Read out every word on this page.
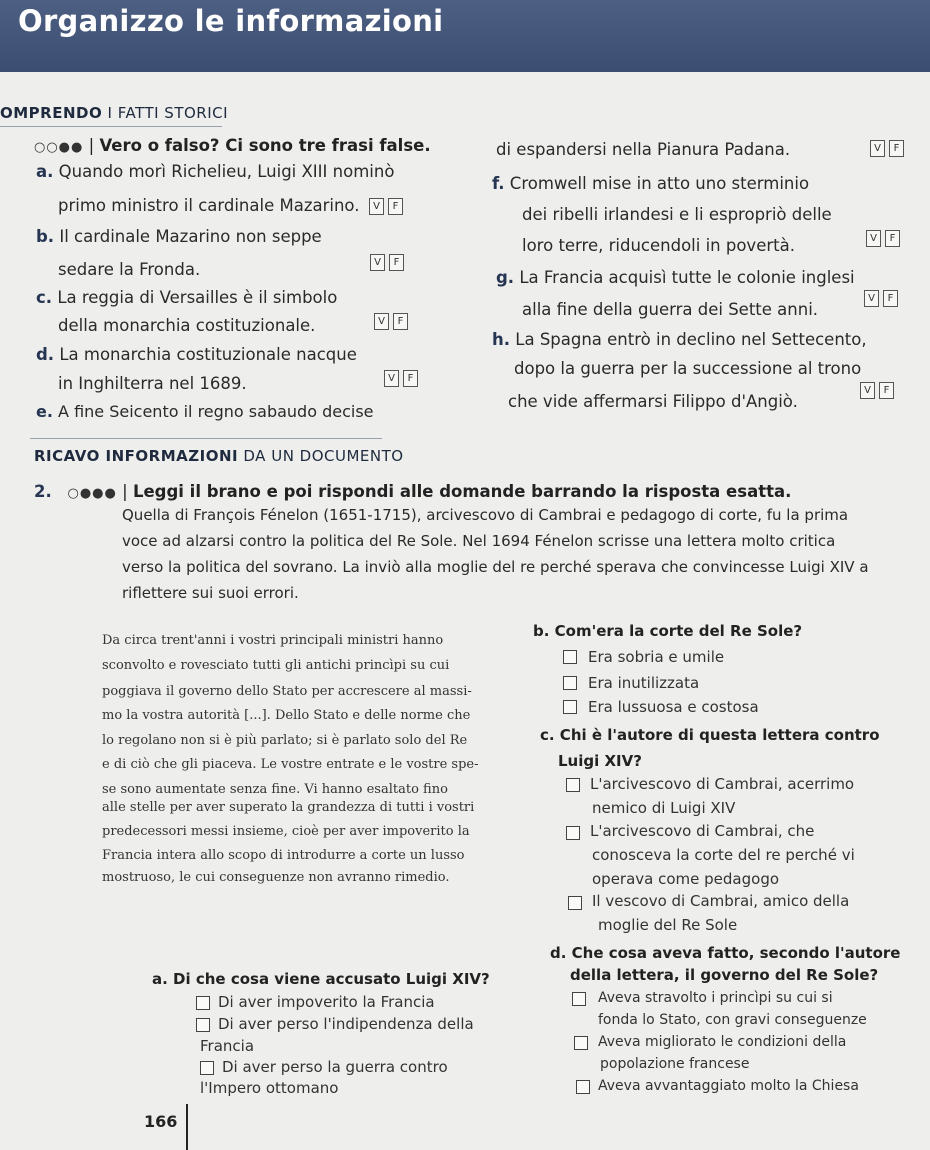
Organizzo le informazioni
OMPRENDO I FATTI STORICI
○○●● | Vero o falso? Ci sono tre frasi false.
a. Quando morì Richelieu, Luigi XIII nominò
primo ministro il cardinale Mazarino.	V	F
b. Il cardinale Mazarino non seppe
sedare la Fronda.	V	F
c. La reggia di Versailles è il simbolo
della monarchia costituzionale.	V	F
d. La monarchia costituzionale nacque
in Inghilterra nel 1689.	V	F
e. A fine Seicento il regno sabaudo decise
di espandersi nella Pianura Padana.	V	F
f. Cromwell mise in atto uno sterminio
dei ribelli irlandesi e li espropriò delle
loro terre, riducendoli in povertà.	V	F
g. La Francia acquisì tutte le colonie inglesi
alla fine della guerra dei Sette anni.
V	F
h. La Spagna entrò in declino nel Settecento,
dopo la guerra per la successione al trono
che vide affermarsi Filippo d'Angiò.
V	F
RICAVO INFORMAZIONI DA UN DOCUMENTO
2. ○●●● | Leggi il brano e poi rispondi alle domande barrando la risposta esatta.
Quella di François Fénelon (1651-1715), arcivescovo di Cambrai e pedagogo di corte, fu la prima
voce ad alzarsi contro la politica del Re Sole. Nel 1694 Fénelon scrisse una lettera molto critica
verso la politica del sovrano. La inviò alla moglie del re perché sperava che convincesse Luigi XIV a
riflettere sui suoi errori.
Da circa trent'anni i vostri principali ministri hanno
sconvolto e rovesciato tutti gli antichi princìpi su cui
poggiava il governo dello Stato per accrescere al massi-
mo la vostra autorità [...]. Dello Stato e delle norme che
lo regolano non si è più parlato; si è parlato solo del Re
e di ciò che gli piaceva. Le vostre entrate e le vostre spe-
se sono aumentate senza fine. Vi hanno esaltato fino
alle stelle per aver superato la grandezza di tutti i vostri
predecessori messi insieme, cioè per aver impoverito la
Francia intera allo scopo di introdurre a corte un lusso
mostruoso, le cui conseguenze non avranno rimedio.
b. Com'era la corte del Re Sole?
Era sobria e umile
Era inutilizzata
Era lussuosa e costosa
c. Chi è l'autore di questa lettera contro
Luigi XIV?
L'arcivescovo di Cambrai, acerrimo
nemico di Luigi XIV
L'arcivescovo di Cambrai, che
conosceva la corte del re perché vi
operava come pedagogo
Il vescovo di Cambrai, amico della
moglie del Re Sole
d. Che cosa aveva fatto, secondo l'autore
della lettera, il governo del Re Sole?
Aveva stravolto i princìpi su cui si
fonda lo Stato, con gravi conseguenze
Aveva migliorato le condizioni della
popolazione francese
Aveva avvantaggiato molto la Chiesa
a. Di che cosa viene accusato Luigi XIV?
Di aver impoverito la Francia
Di aver perso l'indipendenza della
Francia
Di aver perso la guerra contro
l'Impero ottomano
166
